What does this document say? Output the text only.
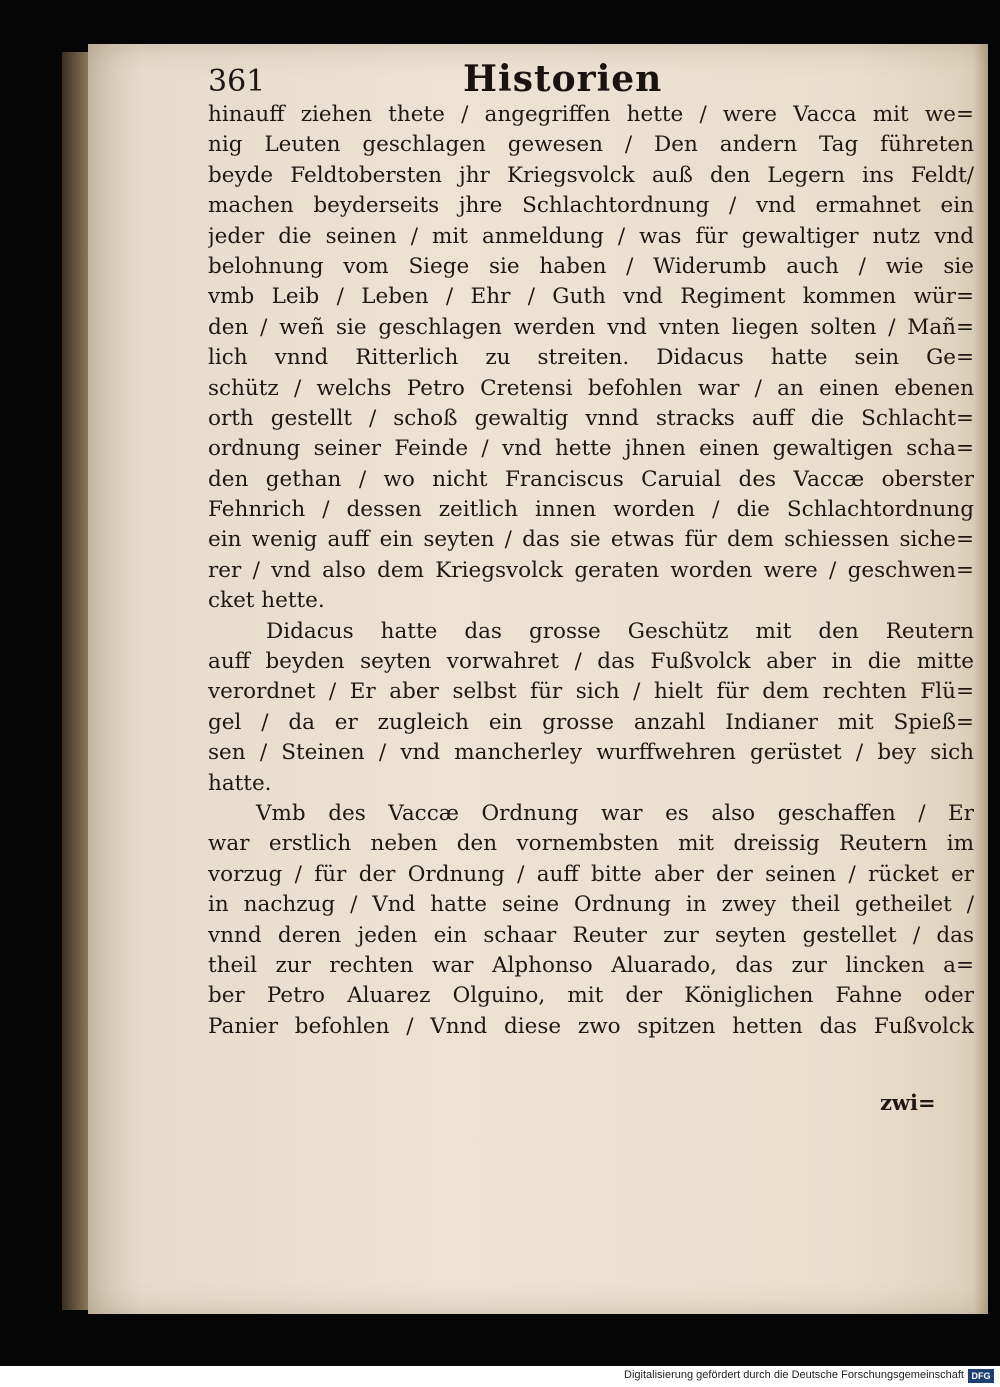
361	Historien
hinauff ziehen thete / angegriffen hette / were Vacca mit we=
nig Leuten geschlagen gewesen / Den andern Tag führeten
beyde Feldtobersten jhr Kriegsvolck auß den Legern ins Feldt/
machen beyderseits jhre Schlachtordnung / vnd ermahnet ein
jeder die seinen / mit anmeldung / was für gewaltiger nutz vnd
belohnung vom Siege sie haben / Widerumb auch / wie sie
vmb Leib / Leben / Ehr / Guth vnd Regiment kommen wür=
den / weñ sie geschlagen werden vnd vnten liegen solten / Mañ=
lich vnnd Ritterlich zu streiten. Didacus hatte sein Ge=
schütz / welchs Petro Cretensi befohlen war / an einen ebenen
orth gestellt / schoß gewaltig vnnd stracks auff die Schlacht=
ordnung seiner Feinde / vnd hette jhnen einen gewaltigen scha=
den gethan / wo nicht Franciscus Caruial des Vaccæ oberster
Fehnrich / dessen zeitlich innen worden / die Schlachtordnung
ein wenig auff ein seyten / das sie etwas für dem schiessen siche=
rer / vnd also dem Kriegsvolck geraten worden were / geschwen=
cket hette.
Didacus hatte das grosse Geschütz mit den Reutern
auff beyden seyten vorwahret / das Fußvolck aber in die mitte
verordnet / Er aber selbst für sich / hielt für dem rechten Flü=
gel / da er zugleich ein grosse anzahl Indianer mit Spieß=
sen / Steinen / vnd mancherley wurffwehren gerüstet / bey sich
hatte.
Vmb des Vaccæ Ordnung war es also geschaffen / Er
war erstlich neben den vornembsten mit dreissig Reutern im
vorzug / für der Ordnung / auff bitte aber der seinen / rücket er
in nachzug / Vnd hatte seine Ordnung in zwey theil getheilet /
vnnd deren jeden ein schaar Reuter zur seyten gestellet / das
theil zur rechten war Alphonso Aluarado, das zur lincken a=
ber Petro Aluarez Olguino, mit der Königlichen Fahne oder
Panier befohlen / Vnnd diese zwo spitzen hetten das Fußvolck
zwi=
Digitalisierung gefördert durch die Deutsche Forschungsgemeinschaft DFG
